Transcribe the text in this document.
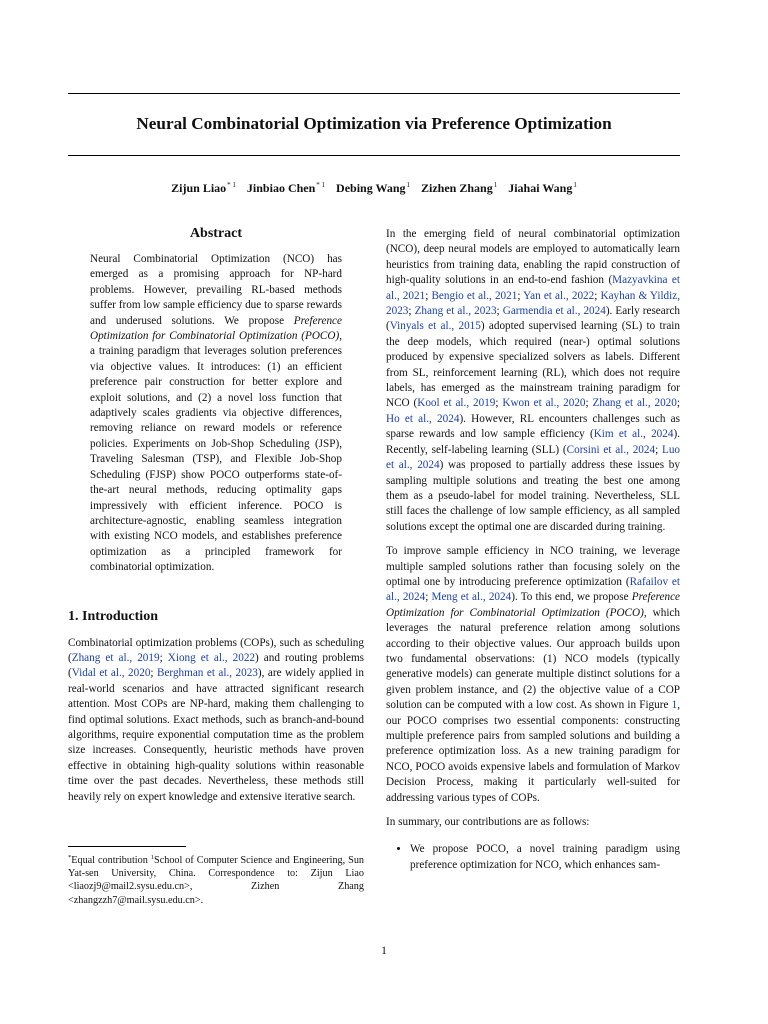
Neural Combinatorial Optimization via Preference Optimization
Zijun Liao$^{* 1}$ Jinbiao Chen$^{* 1}$ Debing Wang$^1$ Zizhen Zhang$^1$ Jiahai Wang$^1$
Abstract

Neural Combinatorial Optimization (NCO) has emerged as a promising approach for NP-hard problems. However, prevailing RL-based methods suffer from low sample efficiency due to sparse rewards and underused solutions. We propose Preference Optimization for Combinatorial Optimization (POCO), a training paradigm that leverages solution preferences via objective values. It introduces: (1) an efficient preference pair construction for better explore and exploit solutions, and (2) a novel loss function that adaptively scales gradients via objective differences, removing reliance on reward models or reference policies. Experiments on Job-Shop Scheduling (JSP), Traveling Salesman (TSP), and Flexible Job-Shop Scheduling (FJSP) show POCO outperforms state-of-the-art neural methods, reducing optimality gaps impressively with efficient inference. POCO is architecture-agnostic, enabling seamless integration with existing NCO models, and establishes preference optimization as a principled framework for combinatorial optimization.

1. Introduction

Combinatorial optimization problems (COPs), such as scheduling (Zhang et al., 2019; Xiong et al., 2022) and routing problems (Vidal et al., 2020; Berghman et al., 2023), are widely applied in real-world scenarios and have attracted significant research attention. Most COPs are NP-hard, making them challenging to find optimal solutions. Exact methods, such as branch-and-bound algorithms, require exponential computation time as the problem size increases. Consequently, heuristic methods have proven effective in obtaining high-quality solutions within reasonable time over the past decades. Nevertheless, these methods still heavily rely on expert knowledge and extensive iterative search.

*Equal contribution $^1$School of Computer Science and Engineering, Sun Yat-sen University, China. Correspondence to: Zijun Liao <liaozj9@mail2.sysu.edu.cn>, Zizhen Zhang <zhangzzh7@mail.sysu.edu.cn>.

In the emerging field of neural combinatorial optimization (NCO), deep neural models are employed to automatically learn heuristics from training data, enabling the rapid construction of high-quality solutions in an end-to-end fashion (Mazyavkina et al., 2021; Bengio et al., 2021; Yan et al., 2022; Kayhan & Yildiz, 2023; Zhang et al., 2023; Garmendia et al., 2024). Early research (Vinyals et al., 2015) adopted supervised learning (SL) to train the deep models, which required (near-) optimal solutions produced by expensive specialized solvers as labels. Different from SL, reinforcement learning (RL), which does not require labels, has emerged as the mainstream training paradigm for NCO (Kool et al., 2019; Kwon et al., 2020; Zhang et al., 2020; Ho et al., 2024). However, RL encounters challenges such as sparse rewards and low sample efficiency (Kim et al., 2024). Recently, self-labeling learning (SLL) (Corsini et al., 2024; Luo et al., 2024) was proposed to partially address these issues by sampling multiple solutions and treating the best one among them as a pseudo-label for model training. Nevertheless, SLL still faces the challenge of low sample efficiency, as all sampled solutions except the optimal one are discarded during training.

To improve sample efficiency in NCO training, we leverage multiple sampled solutions rather than focusing solely on the optimal one by introducing preference optimization (Rafailov et al., 2024; Meng et al., 2024). To this end, we propose Preference Optimization for Combinatorial Optimization (POCO), which leverages the natural preference relation among solutions according to their objective values. Our approach builds upon two fundamental observations: (1) NCO models (typically generative models) can generate multiple distinct solutions for a given problem instance, and (2) the objective value of a COP solution can be computed with a low cost. As shown in Figure 1, our POCO comprises two essential components: constructing multiple preference pairs from sampled solutions and building a preference optimization loss. As a new training paradigm for NCO, POCO avoids expensive labels and formulation of Markov Decision Process, making it particularly well-suited for addressing various types of COPs.

In summary, our contributions are as follows:

• We propose POCO, a novel training paradigm using preference optimization for NCO, which enhances sam-
1
